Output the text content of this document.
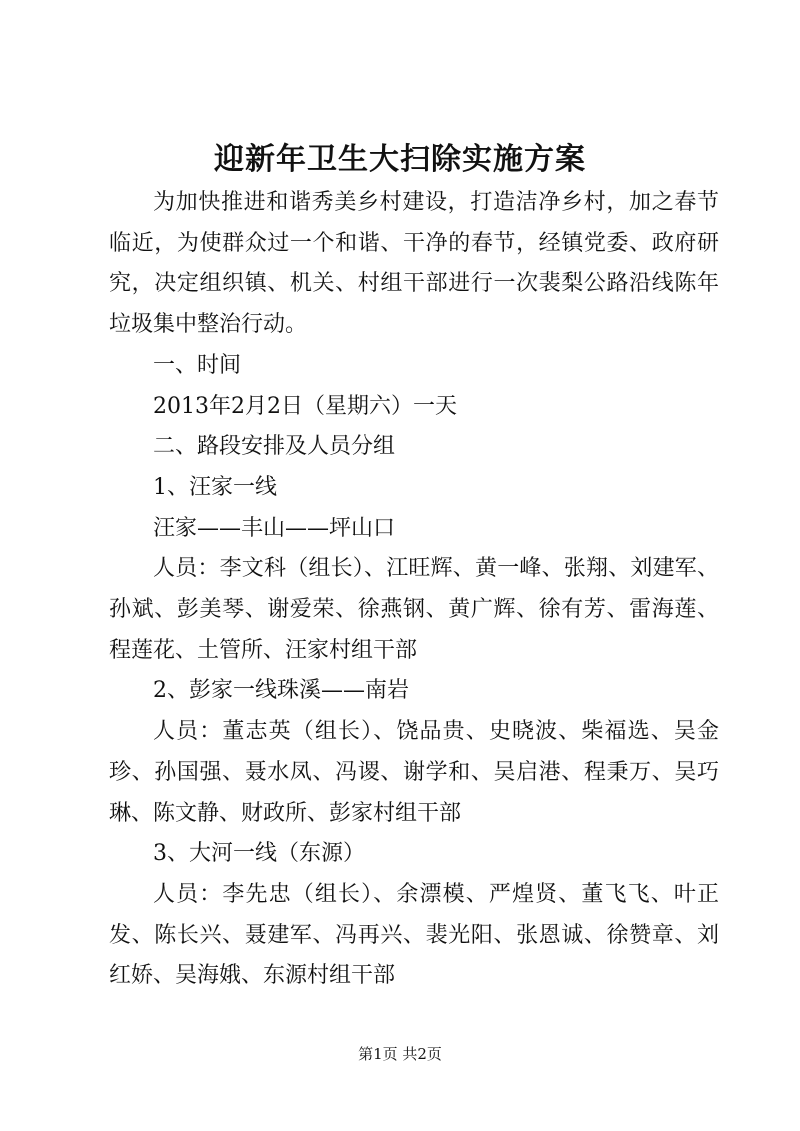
迎新年卫生大扫除实施方案

为加快推进和谐秀美乡村建设，打造洁净乡村，加之春节临近，为使群众过一个和谐、干净的春节，经镇党委、政府研究，决定组织镇、机关、村组干部进行一次裴梨公路沿线陈年垃圾集中整治行动。

一、时间

2013年2月2日（星期六）一天

二、路段安排及人员分组

1、汪家一线

汪家——丰山——坪山口

人员：李文科（组长）、江旺辉、黄一峰、张翔、刘建军、孙斌、彭美琴、谢爱荣、徐燕钢、黄广辉、徐有芳、雷海莲、程莲花、土管所、汪家村组干部

2、彭家一线珠溪——南岩

人员：董志英（组长）、饶品贵、史晓波、柴福选、吴金珍、孙国强、聂水凤、冯谡、谢学和、吴启港、程秉万、吴巧琳、陈文静、财政所、彭家村组干部

3、大河一线（东源）

人员：李先忠（组长）、余漂模、严煌贤、董飞飞、叶正发、陈长兴、聂建军、冯再兴、裴光阳、张恩诚、徐赞章、刘红娇、吴海娥、东源村组干部

第1页 共2页
